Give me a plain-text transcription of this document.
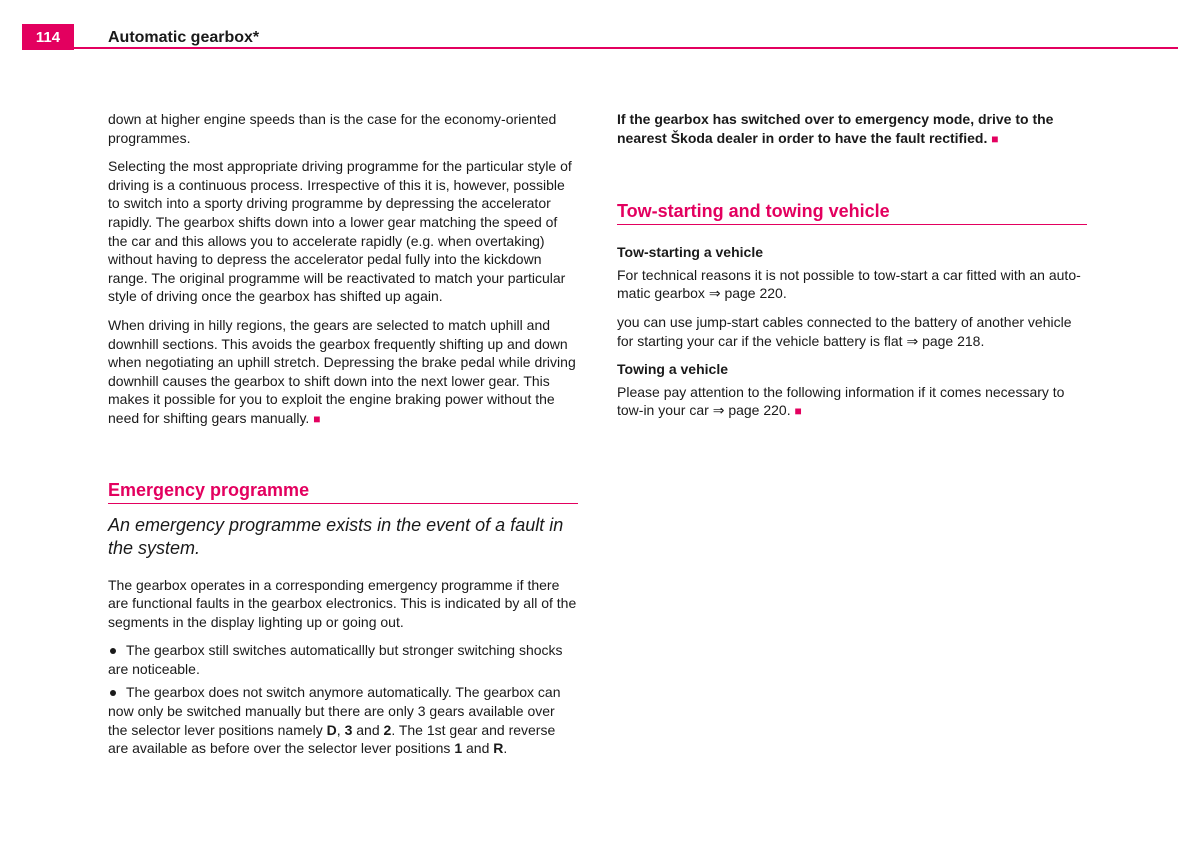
114	Automatic gearbox*

down at higher engine speeds than is the case for the economy-oriented programmes.

Selecting the most appropriate driving programme for the particular style of driving is a continuous process. Irrespective of this it is, however, possible to switch into a sporty driving programme by depressing the accelerator rapidly. The gearbox shifts down into a lower gear matching the speed of the car and this allows you to accelerate rapidly (e.g. when overtaking) without having to depress the accelerator pedal fully into the kickdown range. The original programme will be reactivated to match your particular style of driving once the gearbox has shifted up again.

When driving in hilly regions, the gears are selected to match uphill and downhill sections. This avoids the gearbox frequently shifting up and down when negotiating an uphill stretch. Depressing the brake pedal while driving downhill causes the gearbox to shift down into the next lower gear. This makes it possible for you to exploit the engine braking power without the need for shifting gears manually. ■

Emergency programme

An emergency programme exists in the event of a fault in the system.

The gearbox operates in a corresponding emergency programme if there are functional faults in the gearbox electronics. This is indicated by all of the segments in the display lighting up or going out.

The gearbox still switches automaticallly but stronger switching shocks are noticeable.
The gearbox does not switch anymore automatically. The gearbox can now only be switched manually but there are only 3 gears available over the selector lever positions namely D, 3 and 2. The 1st gear and reverse are available as before over the selector lever positions 1 and R.

If the gearbox has switched over to emergency mode, drive to the nearest Škoda dealer in order to have the fault rectified. ■

Tow-starting and towing vehicle
Tow-starting a vehicle

For technical reasons it is not possible to tow-start a car fitted with an auto-matic gearbox ⇒ page 220.

you can use jump-start cables connected to the battery of another vehicle for starting your car if the vehicle battery is flat ⇒ page 218.

Towing a vehicle

Please pay attention to the following information if it comes necessary to tow-in your car ⇒ page 220. ■
